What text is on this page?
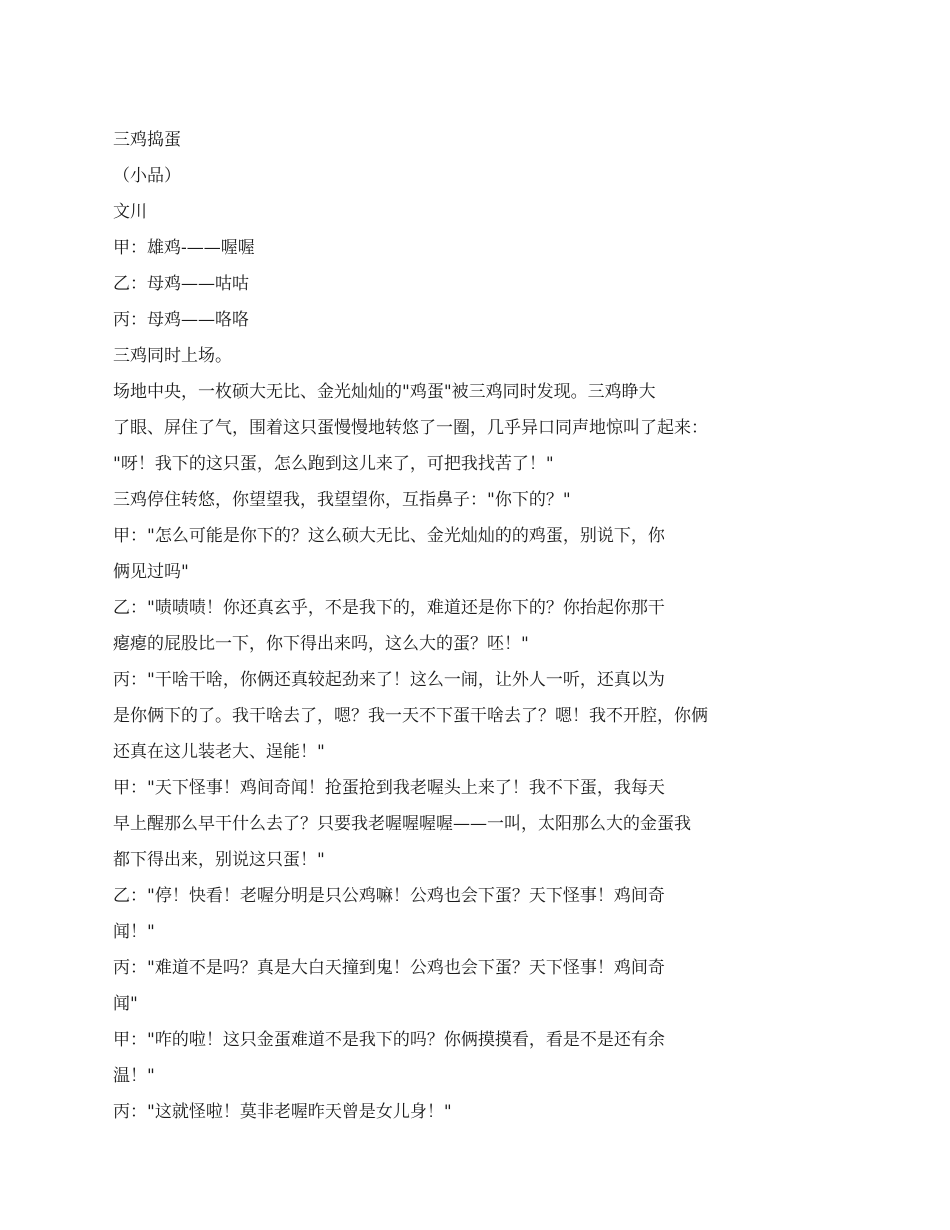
三鸡捣蛋
（小品）
文川
甲：雄鸡-——喔喔
乙：母鸡——咕咕
丙：母鸡——咯咯
三鸡同时上场。
场地中央，一枚硕大无比、金光灿灿的"鸡蛋"被三鸡同时发现。三鸡睁大
了眼、屏住了气，围着这只蛋慢慢地转悠了一圈，几乎异口同声地惊叫了起来：
"呀！我下的这只蛋，怎么跑到这儿来了，可把我找苦了！"
三鸡停住转悠，你望望我，我望望你，互指鼻子："你下的？"
甲："怎么可能是你下的？这么硕大无比、金光灿灿的的鸡蛋，别说下，你
俩见过吗"
乙："啧啧啧！你还真玄乎，不是我下的，难道还是你下的？你抬起你那干
瘪瘪的屁股比一下，你下得出来吗，这么大的蛋？呸！"
丙："干啥干啥，你俩还真较起劲来了！这么一闹，让外人一听，还真以为
是你俩下的了。我干啥去了，嗯？我一天不下蛋干啥去了？嗯！我不开腔，你俩
还真在这儿装老大、逞能！"
甲："天下怪事！鸡间奇闻！抢蛋抢到我老喔头上来了！我不下蛋，我每天
早上醒那么早干什么去了？只要我老喔喔喔喔——一叫，太阳那么大的金蛋我
都下得出来，别说这只蛋！"
乙："停！快看！老喔分明是只公鸡嘛！公鸡也会下蛋？天下怪事！鸡间奇
闻！"
丙："难道不是吗？真是大白天撞到鬼！公鸡也会下蛋？天下怪事！鸡间奇
闻"
甲："咋的啦！这只金蛋难道不是我下的吗？你俩摸摸看，看是不是还有余
温！"
丙："这就怪啦！莫非老喔昨天曾是女儿身！"
